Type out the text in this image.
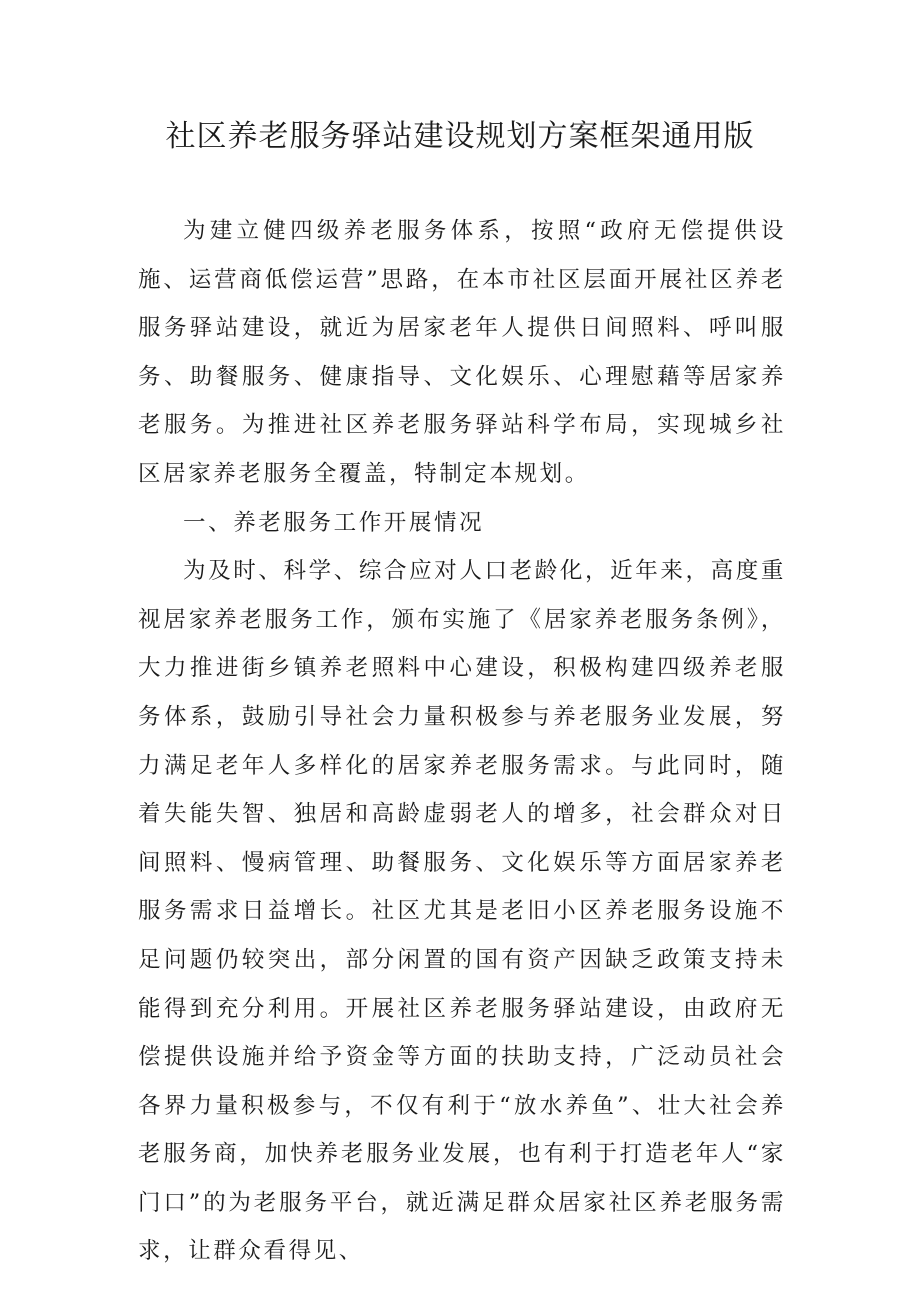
社区养老服务驿站建设规划方案框架通用版

为建立健四级养老服务体系，按照“政府无偿提供设施、运营商低偿运营”思路，在本市社区层面开展社区养老服务驿站建设，就近为居家老年人提供日间照料、呼叫服务、助餐服务、健康指导、文化娱乐、心理慰藉等居家养老服务。为推进社区养老服务驿站科学布局，实现城乡社区居家养老服务全覆盖，特制定本规划。

一、养老服务工作开展情况

为及时、科学、综合应对人口老龄化，近年来，高度重视居家养老服务工作，颁布实施了《居家养老服务条例》，大力推进街乡镇养老照料中心建设，积极构建四级养老服务体系，鼓励引导社会力量积极参与养老服务业发展，努力满足老年人多样化的居家养老服务需求。与此同时，随着失能失智、独居和高龄虚弱老人的增多，社会群众对日间照料、慢病管理、助餐服务、文化娱乐等方面居家养老服务需求日益增长。社区尤其是老旧小区养老服务设施不足问题仍较突出，部分闲置的国有资产因缺乏政策支持未能得到充分利用。开展社区养老服务驿站建设，由政府无偿提供设施并给予资金等方面的扶助支持，广泛动员社会各界力量积极参与，不仅有利于“放水养鱼”、壮大社会养老服务商，加快养老服务业发展，也有利于打造老年人“家门口”的为老服务平台，就近满足群众居家社区养老服务需求，让群众看得见、
